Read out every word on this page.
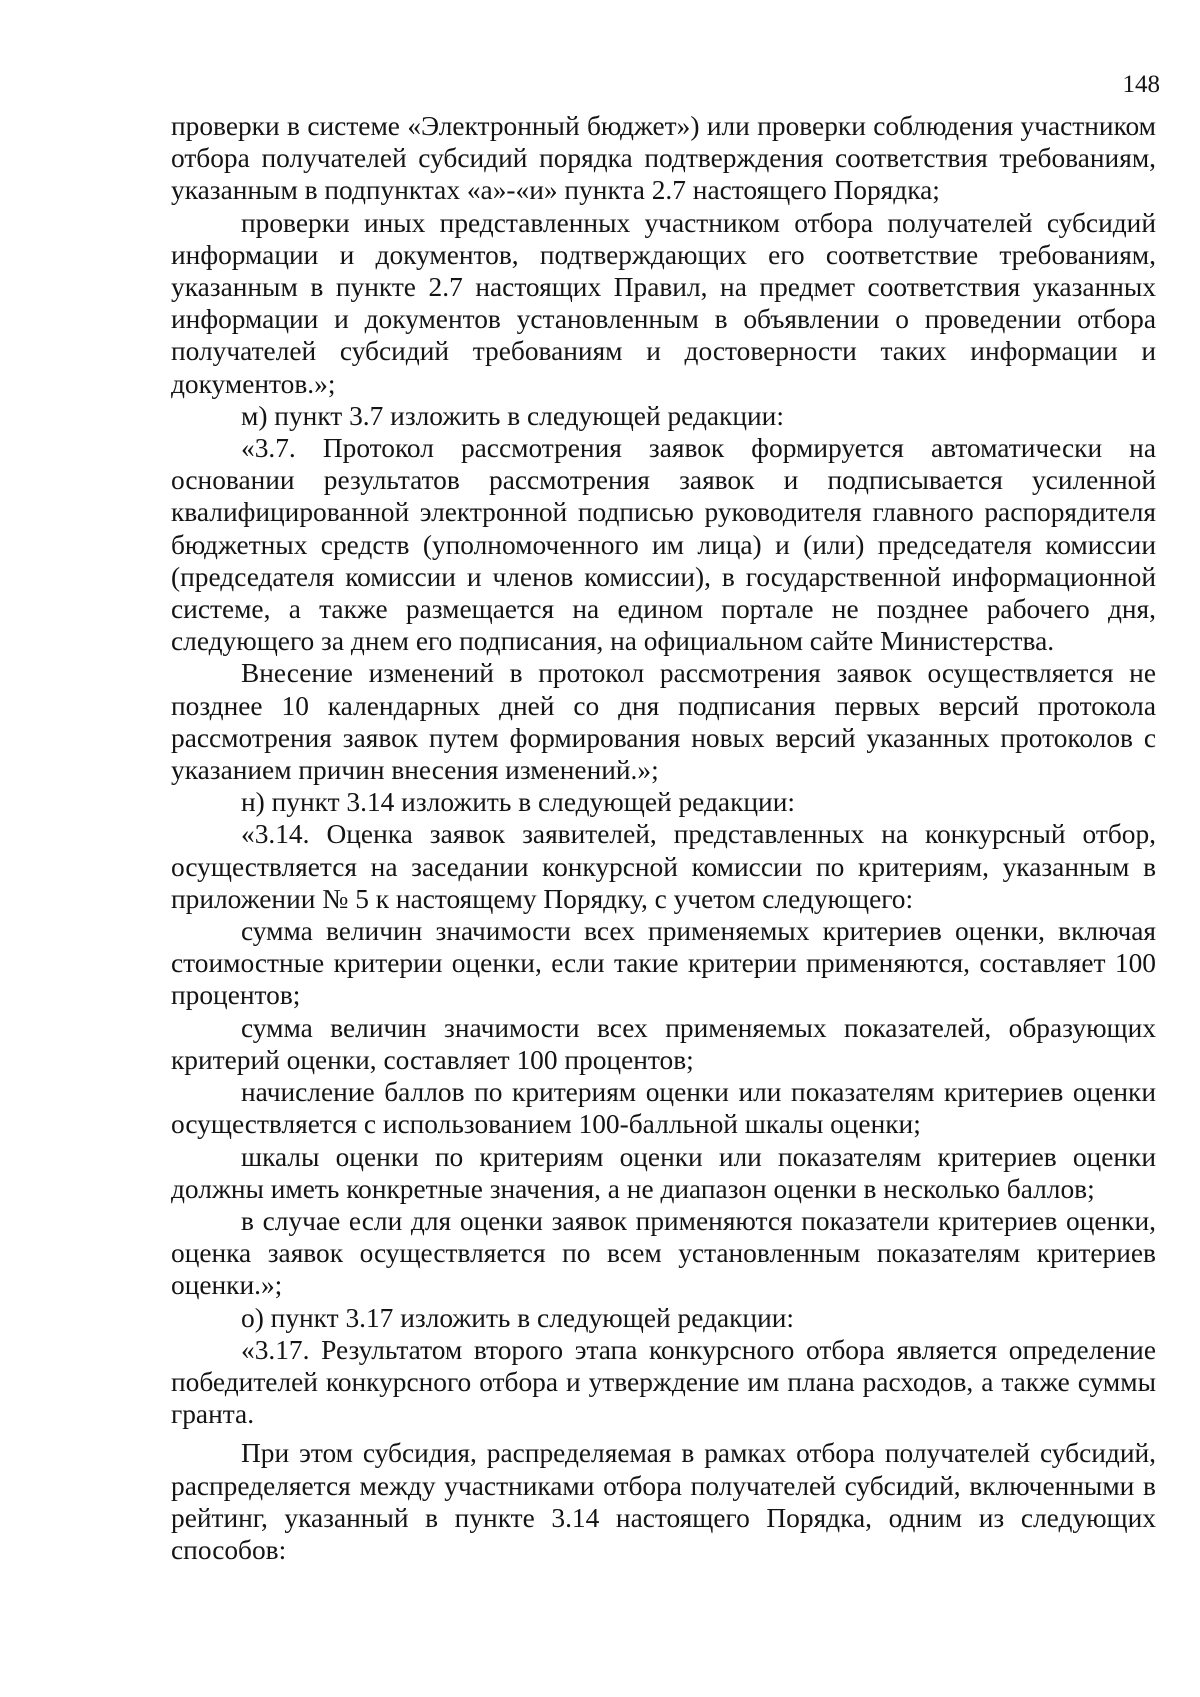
148

проверки в системе «Электронный бюджет») или проверки соблюдения участником отбора получателей субсидий порядка подтверждения соответствия требованиям, указанным в подпунктах «а»-«и» пункта 2.7 настоящего Порядка;

проверки иных представленных участником отбора получателей субсидий информации и документов, подтверждающих его соответствие требованиям, указанным в пункте 2.7 настоящих Правил, на предмет соответствия указанных информации и документов установленным в объявлении о проведении отбора получателей субсидий требованиям и достоверности таких информации и документов.»;

м) пункт 3.7 изложить в следующей редакции:

«3.7. Протокол рассмотрения заявок формируется автоматически на основании результатов рассмотрения заявок и подписывается усиленной квалифицированной электронной подписью руководителя главного распорядителя бюджетных средств (уполномоченного им лица) и (или) председателя комиссии (председателя комиссии и членов комиссии), в государственной информационной системе, а также размещается на едином портале не позднее рабочего дня, следующего за днем его подписания, на официальном сайте Министерства.

Внесение изменений в протокол рассмотрения заявок осуществляется не позднее 10 календарных дней со дня подписания первых версий протокола рассмотрения заявок путем формирования новых версий указанных протоколов с указанием причин внесения изменений.»;

н) пункт 3.14 изложить в следующей редакции:

«3.14. Оценка заявок заявителей, представленных на конкурсный отбор, осуществляется на заседании конкурсной комиссии по критериям, указанным в приложении № 5 к настоящему Порядку, с учетом следующего:

сумма величин значимости всех применяемых критериев оценки, включая стоимостные критерии оценки, если такие критерии применяются, составляет 100 процентов;

сумма величин значимости всех применяемых показателей, образующих критерий оценки, составляет 100 процентов;

начисление баллов по критериям оценки или показателям критериев оценки осуществляется с использованием 100-балльной шкалы оценки;

шкалы оценки по критериям оценки или показателям критериев оценки должны иметь конкретные значения, а не диапазон оценки в несколько баллов;

в случае если для оценки заявок применяются показатели критериев оценки, оценка заявок осуществляется по всем установленным показателям критериев оценки.»;

о) пункт 3.17 изложить в следующей редакции:

«3.17. Результатом второго этапа конкурсного отбора является определение победителей конкурсного отбора и утверждение им плана расходов, а также суммы гранта.

При этом субсидия, распределяемая в рамках отбора получателей субсидий, распределяется между участниками отбора получателей субсидий, включенными в рейтинг, указанный в пункте 3.14 настоящего Порядка, одним из следующих способов:
